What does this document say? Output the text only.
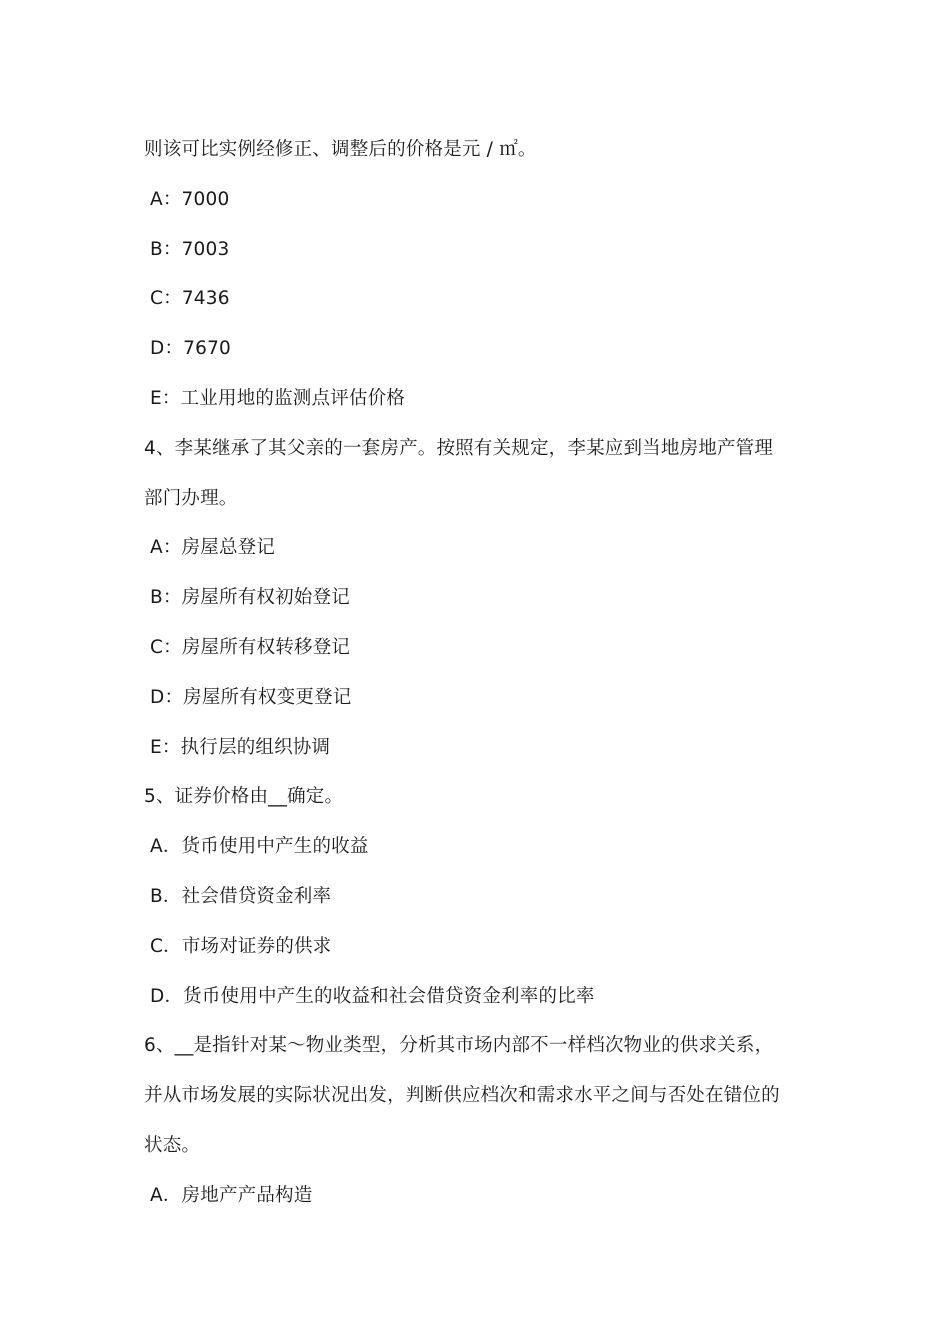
则该可比实例经修正、调整后的价格是元 / ㎡。
A：7000
B：7003
C：7436
D：7670
E：工业用地的监测点评估价格
4、李某继承了其父亲的一套房产。按照有关规定，李某应到当地房地产管理
部门办理。
A：房屋总登记
B：房屋所有权初始登记
C：房屋所有权转移登记
D：房屋所有权变更登记
E：执行层的组织协调
5、证券价格由__确定。
A．货币使用中产生的收益
B．社会借贷资金利率
C．市场对证券的供求
D．货币使用中产生的收益和社会借贷资金利率的比率
6、__是指针对某～物业类型，分析其市场内部不一样档次物业的供求关系，
并从市场发展的实际状况出发，判断供应档次和需求水平之间与否处在错位的
状态。
A．房地产产品构造
